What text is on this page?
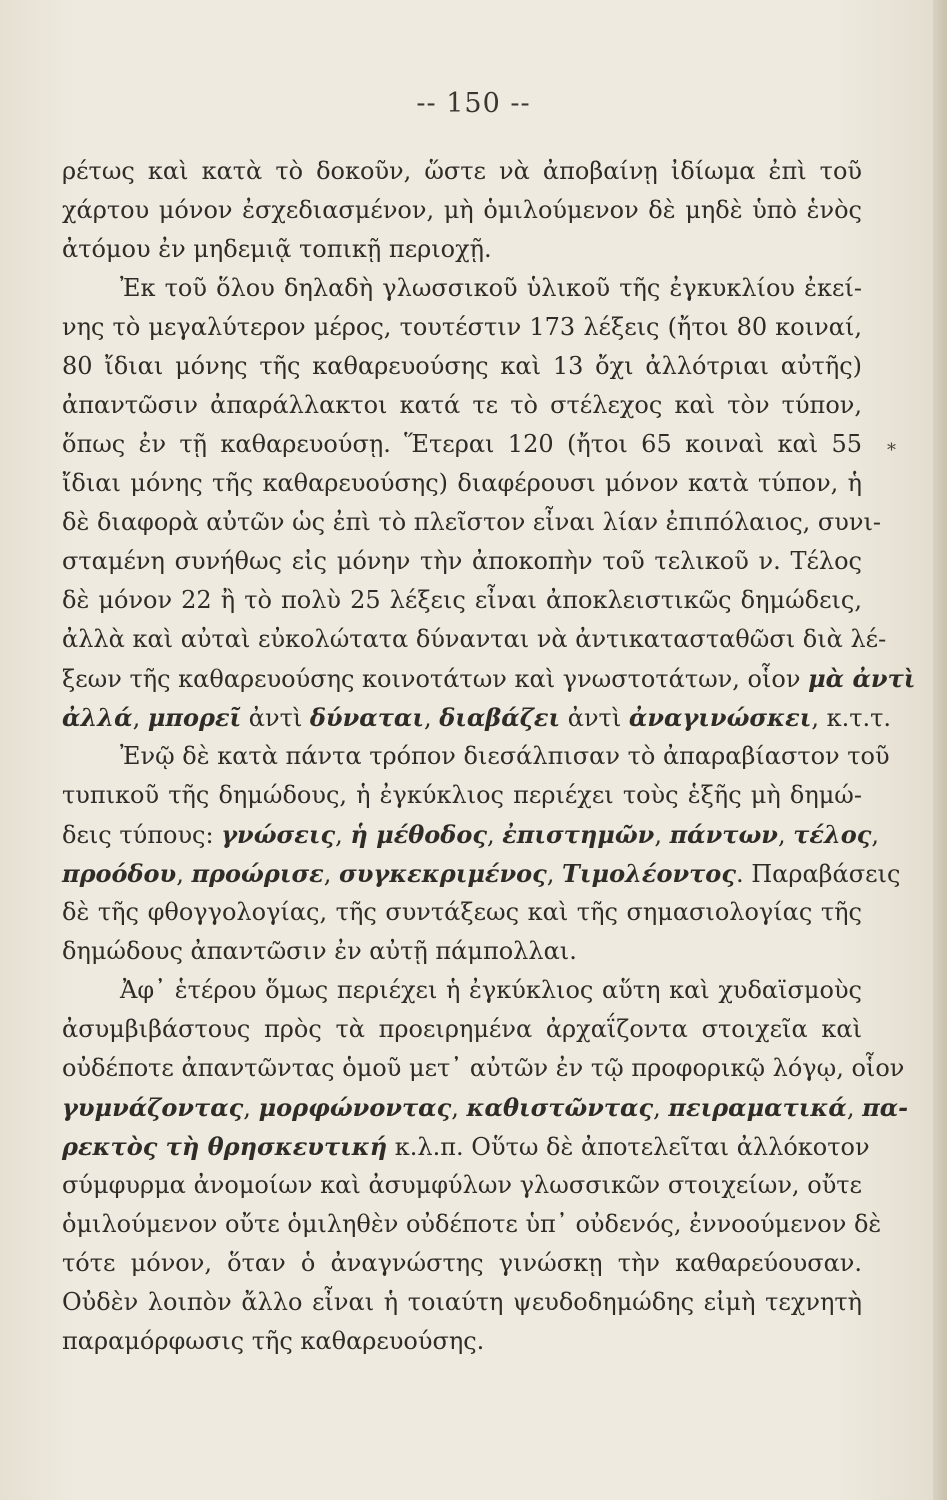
-- 150 --
*
ρέτως καὶ κατὰ τὸ δοκοῦν, ὥστε νὰ ἀποβαίνῃ ἰδίωμα ἐπὶ τοῦ
χάρτου μόνον ἐσχεδιασμένον, μὴ ὁμιλούμενον δὲ μηδὲ ὑπὸ ἑνὸς
ἀτόμου ἐν μηδεμιᾷ τοπικῇ περιοχῇ.
Ἐκ τοῦ ὅλου δηλαδὴ γλωσσικοῦ ὑλικοῦ τῆς ἐγκυκλίου ἐκεί-
νης τὸ μεγαλύτερον μέρος, τουτέστιν 173 λέξεις (ἤτοι 80 κοιναί,
80 ἴδιαι μόνης τῆς καθαρευούσης καὶ 13 ὄχι ἀλλότριαι αὐτῆς)
ἀπαντῶσιν ἀπαράλλακτοι κατά τε τὸ στέλεχος καὶ τὸν τύπον,
ὅπως ἐν τῇ καθαρευούσῃ. Ἕτεραι 120 (ἤτοι 65 κοιναὶ καὶ 55
ἴδιαι μόνης τῆς καθαρευούσης) διαφέρουσι μόνον κατὰ τύπον, ἡ
δὲ διαφορὰ αὐτῶν ὡς ἐπὶ τὸ πλεῖστον εἶναι λίαν ἐπιπόλαιος, συνι-
σταμένη συνήθως εἰς μόνην τὴν ἀποκοπὴν τοῦ τελικοῦ ν. Τέλος
δὲ μόνον 22 ἢ τὸ πολὺ 25 λέξεις εἶναι ἀποκλειστικῶς δημώδεις,
ἀλλὰ καὶ αὐταὶ εὐκολώτατα δύνανται νὰ ἀντικατασταθῶσι διὰ λέ-
ξεων τῆς καθαρευούσης κοινοτάτων καὶ γνωστοτάτων, οἷον μὰ ἀντὶ
ἀλλά, μπορεῖ ἀντὶ δύναται, διαβάζει ἀντὶ ἀναγινώσκει, κ.τ.τ.
Ἐνῷ δὲ κατὰ πάντα τρόπον διεσάλπισαν τὸ ἀπαραβίαστον τοῦ
τυπικοῦ τῆς δημώδους, ἡ ἐγκύκλιος περιέχει τοὺς ἑξῆς μὴ δημώ-
δεις τύπους: γνώσεις, ἡ μέθοδος, ἐπιστημῶν, πάντων, τέλος,
προόδου, προώρισε, συγκεκριμένος, Τιμολέοντος. Παραβάσεις
δὲ τῆς φθογγολογίας, τῆς συντάξεως καὶ τῆς σημασιολογίας τῆς
δημώδους ἀπαντῶσιν ἐν αὐτῇ πάμπολλαι.
Ἀφ᾽ ἑτέρου ὅμως περιέχει ἡ ἐγκύκλιος αὕτη καὶ χυδαϊσμοὺς
ἀσυμβιβάστους πρὸς τὰ προειρημένα ἀρχαΐζοντα στοιχεῖα καὶ
οὐδέποτε ἀπαντῶντας ὁμοῦ μετ᾽ αὐτῶν ἐν τῷ προφορικῷ λόγῳ, οἷον
γυμνάζοντας, μορφώνοντας, καθιστῶντας, πειραματικά, πα-
ρεκτὸς τὴ θρησκευτική κ.λ.π. Οὕτω δὲ ἀποτελεῖται ἀλλόκοτον
σύμφυρμα ἀνομοίων καὶ ἀσυμφύλων γλωσσικῶν στοιχείων, οὔτε
ὁμιλούμενον οὔτε ὁμιληθὲν οὐδέποτε ὑπ᾽ οὐδενός, ἐννοούμενον δὲ
τότε μόνον, ὅταν ὁ ἀναγνώστης γινώσκῃ τὴν καθαρεύουσαν.
Οὐδὲν λοιπὸν ἄλλο εἶναι ἡ τοιαύτη ψευδοδημώδης εἰμὴ τεχνητὴ
παραμόρφωσις τῆς καθαρευούσης.
